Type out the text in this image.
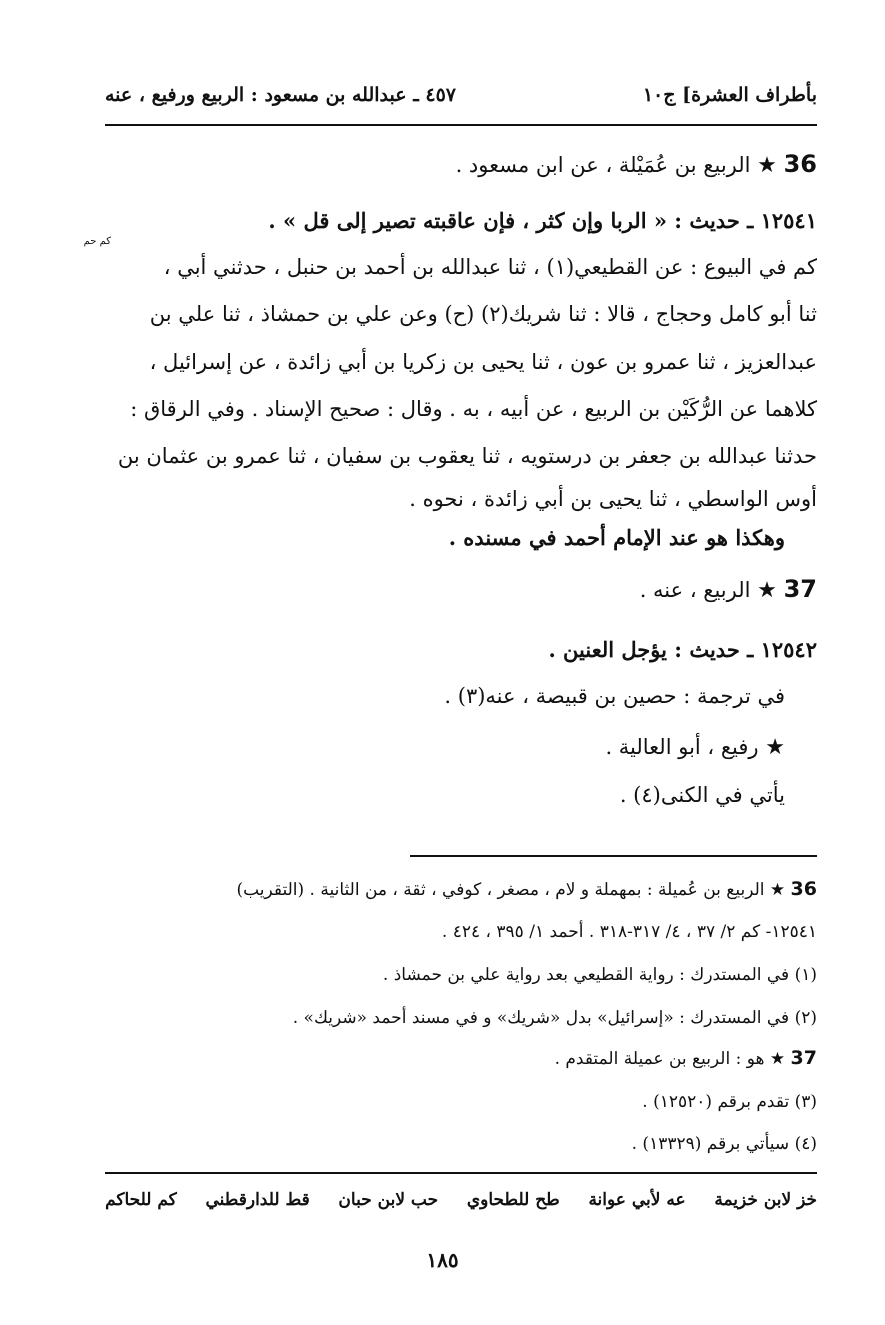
بأطراف العشرة] ج١٠
٤٥٧ ـ عبدالله بن مسعود : الربيع ورفيع ، عنه
36 ★ الربيع بن عُمَيْلة ، عن ابن مسعود .
١٢٥٤١ ـ حديث : « الربا وإن كثر ، فإن عاقبته تصير إلى قل » .
كم حم
كم في البيوع : عن القطيعي(١) ، ثنا عبدالله بن أحمد بن حنبل ، حدثني أبي ،
ثنا أبو كامل وحجاج ، قالا : ثنا شريك(٢) (ح) وعن علي بن حمشاذ ، ثنا علي بن
عبدالعزيز ، ثنا عمرو بن عون ، ثنا يحيى بن زكريا بن أبي زائدة ، عن إسرائيل ،
كلاهما عن الرُّكَيْن بن الربيع ، عن أبيه ، به . وقال : صحيح الإسناد . وفي الرقاق :
حدثنا عبدالله بن جعفر بن درستويه ، ثنا يعقوب بن سفيان ، ثنا عمرو بن عثمان بن
أوس الواسطي ، ثنا يحيى بن أبي زائدة ، نحوه .
وهكذا هو عند الإمام أحمد في مسنده .
37 ★ الربيع ، عنه .
١٢٥٤٢ ـ حديث : يؤجل العنين .
في ترجمة : حصين بن قبيصة ، عنه(٣) .
★ رفيع ، أبو العالية .
يأتي في الكنى(٤) .
36 ★ الربيع بن عُميلة : بمهملة و لام ، مصغر ، كوفي ، ثقة ، من الثانية . (التقريب)
١٢٥٤١- كم ٢/ ٣٧ ، ٤/ ٣١٧-٣١٨ . أحمد ١/ ٣٩٥ ، ٤٢٤ .
(١) في المستدرك : رواية القطيعي بعد رواية علي بن حمشاذ .
(٢) في المستدرك : «إسرائيل» بدل «شريك» و في مسند أحمد «شريك» .
37 ★ هو : الربيع بن عميلة المتقدم .
(٣) تقدم برقم (١٢٥٢٠) .
(٤) سيأتي برقم (١٣٣٢٩) .
خز لابن خزيمة
عه لأبي عوانة
طح للطحاوي
حب لابن حبان
قط للدارقطني
كم للحاكم
١٨٥
